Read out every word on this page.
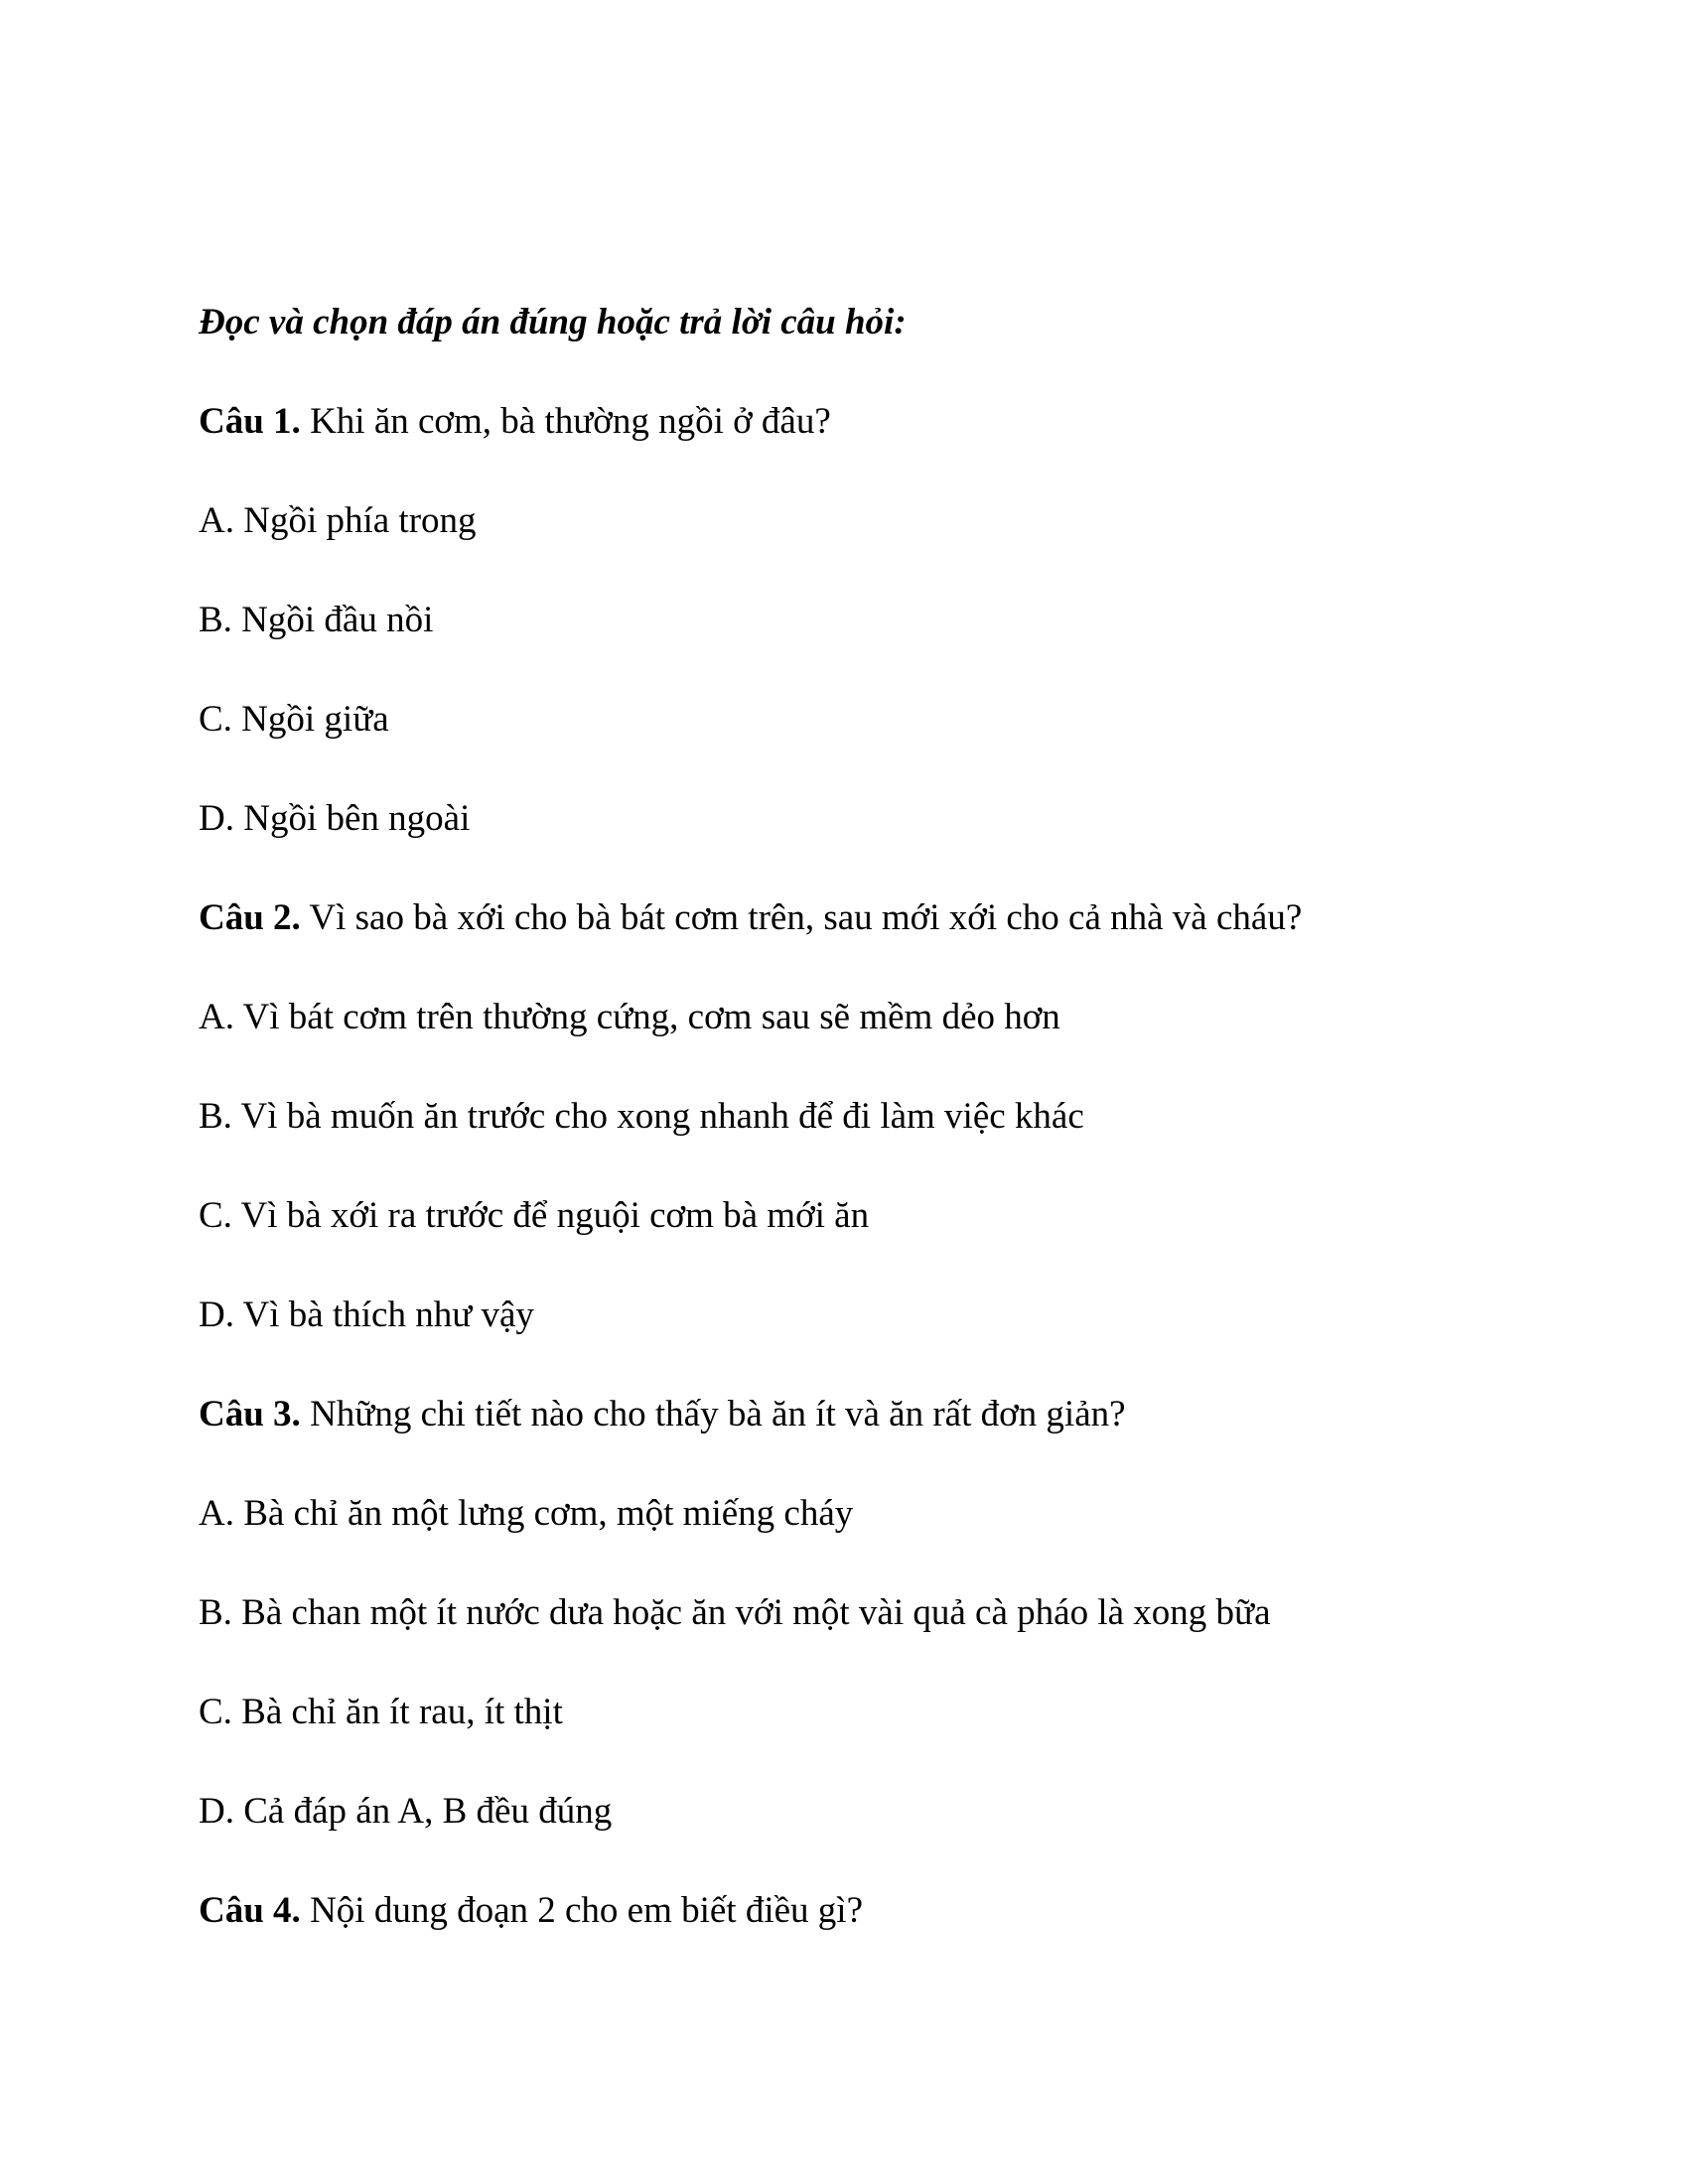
Đọc và chọn đáp án đúng hoặc trả lời câu hỏi:
Câu 1. Khi ăn cơm, bà thường ngồi ở đâu?
A. Ngồi phía trong
B. Ngồi đầu nồi
C. Ngồi giữa
D. Ngồi bên ngoài
Câu 2. Vì sao bà xới cho bà bát cơm trên, sau mới xới cho cả nhà và cháu?
A. Vì bát cơm trên thường cứng, cơm sau sẽ mềm dẻo hơn
B. Vì bà muốn ăn trước cho xong nhanh để đi làm việc khác
C. Vì bà xới ra trước để nguội cơm bà mới ăn
D. Vì bà thích như vậy
Câu 3. Những chi tiết nào cho thấy bà ăn ít và ăn rất đơn giản?
A. Bà chỉ ăn một lưng cơm, một miếng cháy
B. Bà chan một ít nước dưa hoặc ăn với một vài quả cà pháo là xong bữa
C. Bà chỉ ăn ít rau, ít thịt
D. Cả đáp án A, B đều đúng
Câu 4. Nội dung đoạn 2 cho em biết điều gì?
